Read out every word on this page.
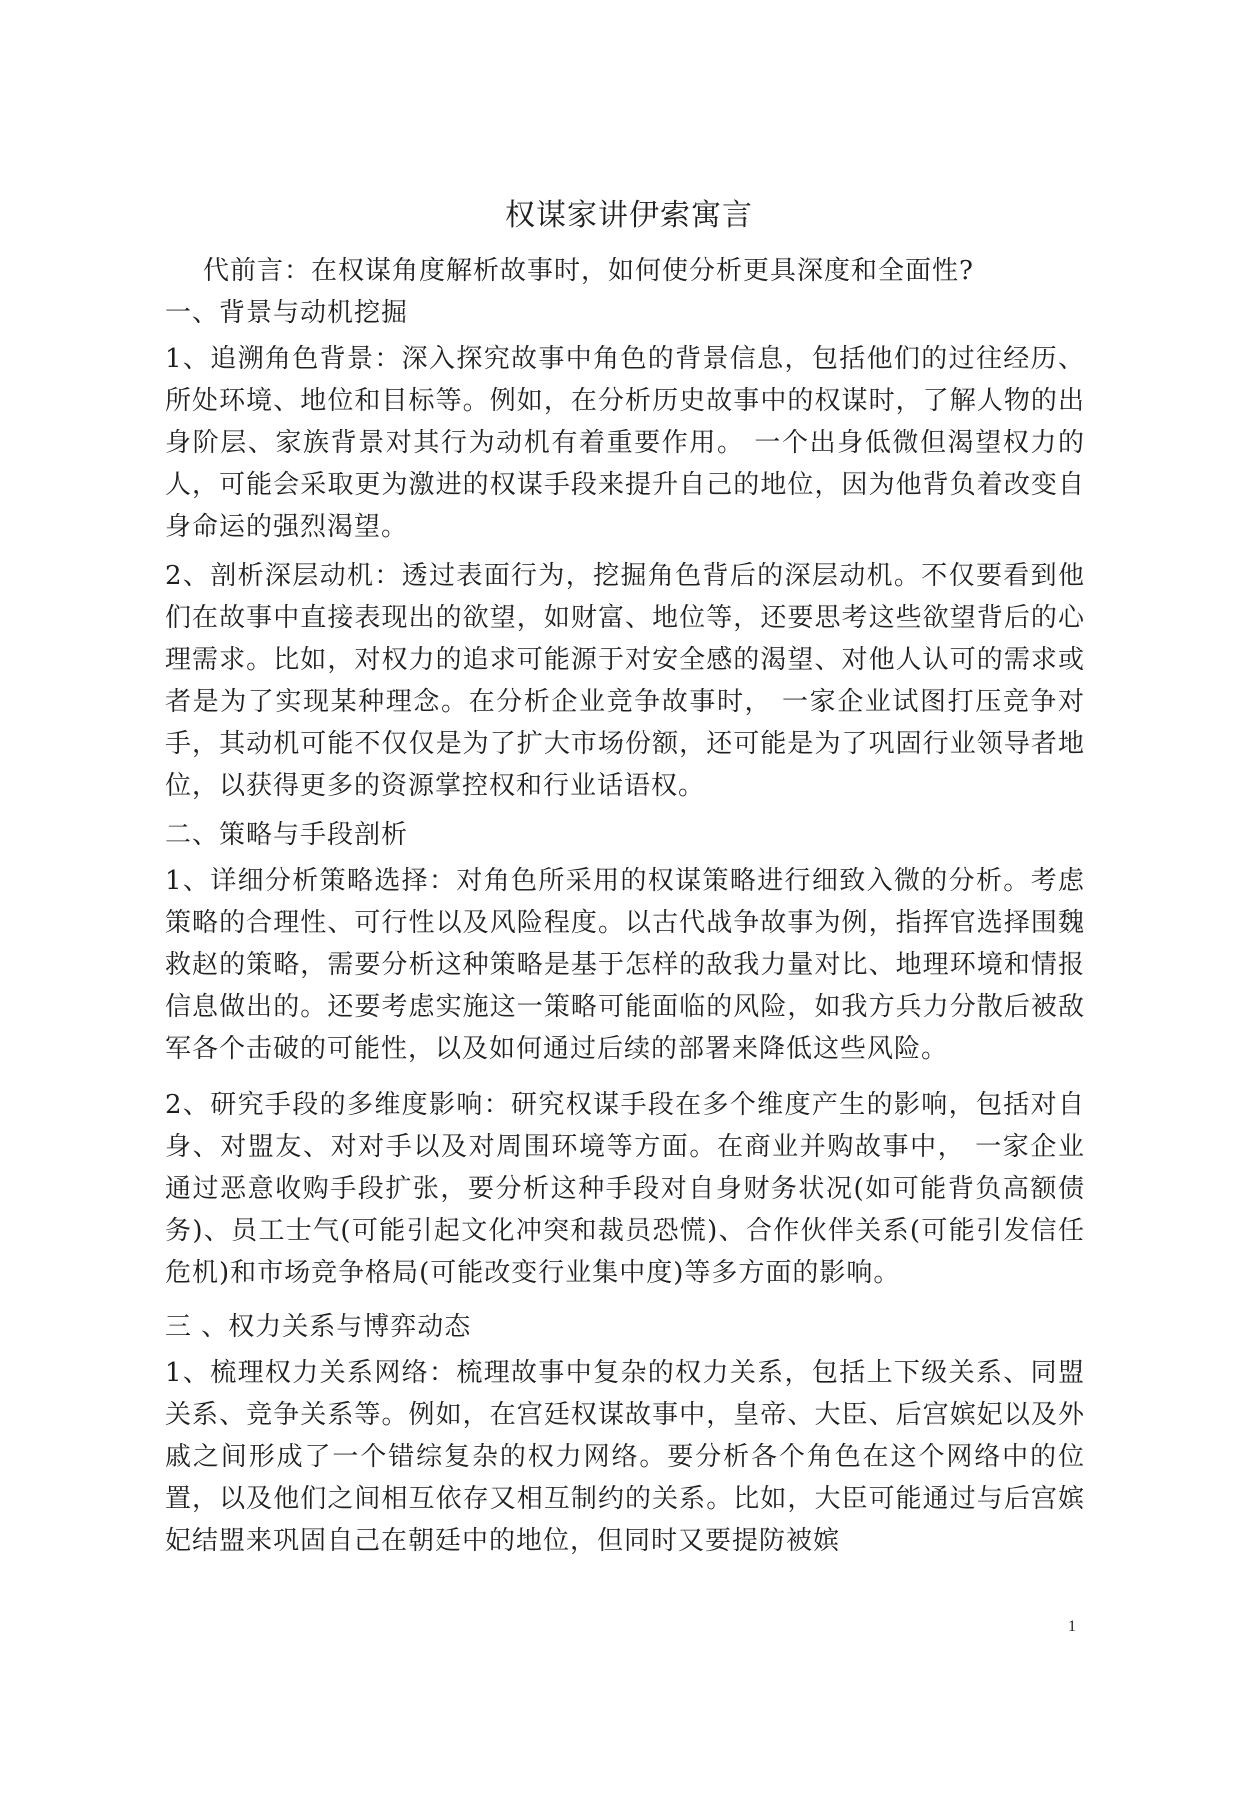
权谋家讲伊索寓言

代前言：在权谋角度解析故事时，如何使分析更具深度和全面性?

一、背景与动机挖掘

1、追溯角色背景：深入探究故事中角色的背景信息，包括他们的过往经历、所处环境、地位和目标等。例如，在分析历史故事中的权谋时，了解人物的出身阶层、家族背景对其行为动机有着重要作用。 一个出身低微但渴望权力的人，可能会采取更为激进的权谋手段来提升自己的地位，因为他背负着改变自身命运的强烈渴望。

2、剖析深层动机：透过表面行为，挖掘角色背后的深层动机。不仅要看到他们在故事中直接表现出的欲望，如财富、地位等，还要思考这些欲望背后的心理需求。比如，对权力的追求可能源于对安全感的渴望、对他人认可的需求或者是为了实现某种理念。在分析企业竞争故事时， 一家企业试图打压竞争对手，其动机可能不仅仅是为了扩大市场份额，还可能是为了巩固行业领导者地位，以获得更多的资源掌控权和行业话语权。

二、策略与手段剖析

1、详细分析策略选择：对角色所采用的权谋策略进行细致入微的分析。考虑策略的合理性、可行性以及风险程度。以古代战争故事为例，指挥官选择围魏救赵的策略，需要分析这种策略是基于怎样的敌我力量对比、地理环境和情报信息做出的。还要考虑实施这一策略可能面临的风险，如我方兵力分散后被敌军各个击破的可能性，以及如何通过后续的部署来降低这些风险。

2、研究手段的多维度影响：研究权谋手段在多个维度产生的影响，包括对自身、对盟友、对对手以及对周围环境等方面。在商业并购故事中， 一家企业通过恶意收购手段扩张，要分析这种手段对自身财务状况(如可能背负高额债务)、员工士气(可能引起文化冲突和裁员恐慌)、合作伙伴关系(可能引发信任危机)和市场竞争格局(可能改变行业集中度)等多方面的影响。

三 、权力关系与博弈动态

1、梳理权力关系网络：梳理故事中复杂的权力关系，包括上下级关系、同盟关系、竞争关系等。例如，在宫廷权谋故事中，皇帝、大臣、后宫嫔妃以及外戚之间形成了一个错综复杂的权力网络。要分析各个角色在这个网络中的位置，以及他们之间相互依存又相互制约的关系。比如，大臣可能通过与后宫嫔妃结盟来巩固自己在朝廷中的地位，但同时又要提防被嫔

1
